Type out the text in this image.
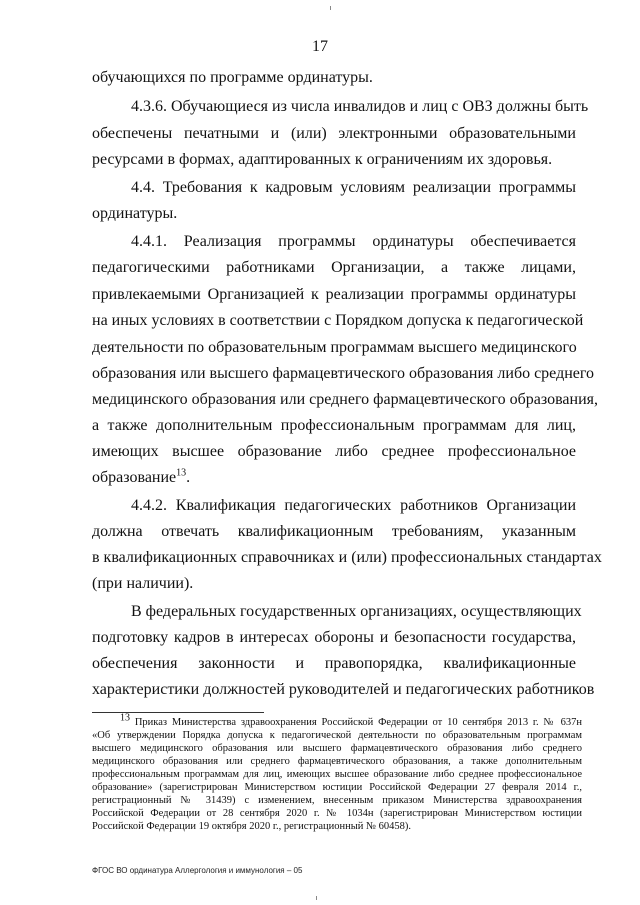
17
обучающихся по программе ординатуры.
4.3.6. Обучающиеся из числа инвалидов и лиц с ОВЗ должны быть
обеспечены печатными и (или) электронными образовательными
ресурсами в формах, адаптированных к ограничениям их здоровья.
4.4. Требования к кадровым условиям реализации программы
ординатуры.
4.4.1. Реализация программы ординатуры обеспечивается
педагогическими работниками Организации, а также лицами,
привлекаемыми Организацией к реализации программы ординатуры
на иных условиях в соответствии с Порядком допуска к педагогической
деятельности по образовательным программам высшего медицинского
образования или высшего фармацевтического образования либо среднего
медицинского образования или среднего фармацевтического образования,
а также дополнительным профессиональным программам для лиц,
имеющих высшее образование либо среднее профессиональное
образование$^{13}$.
4.4.2. Квалификация педагогических работников Организации
должна отвечать квалификационным требованиям, указанным
в квалификационных справочниках и (или) профессиональных стандартах
(при наличии).
В федеральных государственных организациях, осуществляющих
подготовку кадров в интересах обороны и безопасности государства,
обеспечения законности и правопорядка, квалификационные
характеристики должностей руководителей и педагогических работников
$^{13}$ Приказ Министерства здравоохранения Российской Федерации от 10 сентября 2013 г. № 637н
«Об утверждении Порядка допуска к педагогической деятельности по образовательным программам
высшего медицинского образования или высшего фармацевтического образования либо среднего
медицинского образования или среднего фармацевтического образования, а также дополнительным
профессиональным программам для лиц, имеющих высшее образование либо среднее профессиональное
образование» (зарегистрирован Министерством юстиции Российской Федерации 27 февраля 2014 г.,
регистрационный № 31439) с изменением, внесенным приказом Министерства здравоохранения
Российской Федерации от 28 сентября 2020 г. № 1034н (зарегистрирован Министерством юстиции
Российской Федерации 19 октября 2020 г., регистрационный № 60458).
ФГОС ВО ординатура Аллергология и иммунология – 05
